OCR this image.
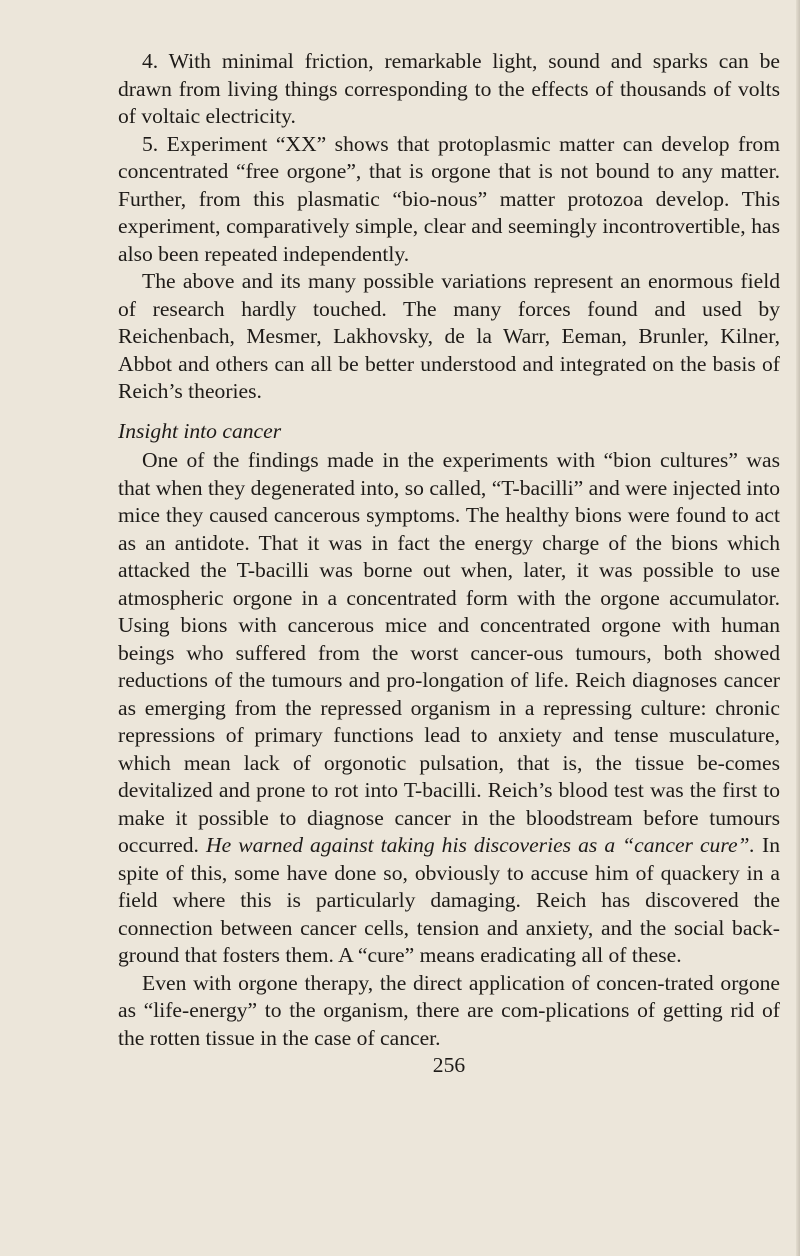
4. With minimal friction, remarkable light, sound and sparks can be drawn from living things corresponding to the effects of thousands of volts of voltaic electricity.

5. Experiment “XX” shows that protoplasmic matter can develop from concentrated “free orgone”, that is orgone that is not bound to any matter. Further, from this plasmatic “bio-nous” matter protozoa develop. This experiment, comparatively simple, clear and seemingly incontrovertible, has also been repeated independently.

The above and its many possible variations represent an enormous field of research hardly touched. The many forces found and used by Reichenbach, Mesmer, Lakhovsky, de la Warr, Eeman, Brunler, Kilner, Abbot and others can all be better understood and integrated on the basis of Reich’s theories.

Insight into cancer

One of the findings made in the experiments with “bion cultures” was that when they degenerated into, so called, “T-bacilli” and were injected into mice they caused cancerous symptoms. The healthy bions were found to act as an antidote. That it was in fact the energy charge of the bions which attacked the T-bacilli was borne out when, later, it was possible to use atmospheric orgone in a concentrated form with the orgone accumulator. Using bions with cancerous mice and concentrated orgone with human beings who suffered from the worst cancer-ous tumours, both showed reductions of the tumours and pro-longation of life. Reich diagnoses cancer as emerging from the repressed organism in a repressing culture: chronic repressions of primary functions lead to anxiety and tense musculature, which mean lack of orgonotic pulsation, that is, the tissue be-comes devitalized and prone to rot into T-bacilli. Reich’s blood test was the first to make it possible to diagnose cancer in the bloodstream before tumours occurred. He warned against taking his discoveries as a “cancer cure”. In spite of this, some have done so, obviously to accuse him of quackery in a field where this is particularly damaging. Reich has discovered the connection between cancer cells, tension and anxiety, and the social back-ground that fosters them. A “cure” means eradicating all of these.

Even with orgone therapy, the direct application of concen-trated orgone as “life-energy” to the organism, there are com-plications of getting rid of the rotten tissue in the case of cancer.

256
